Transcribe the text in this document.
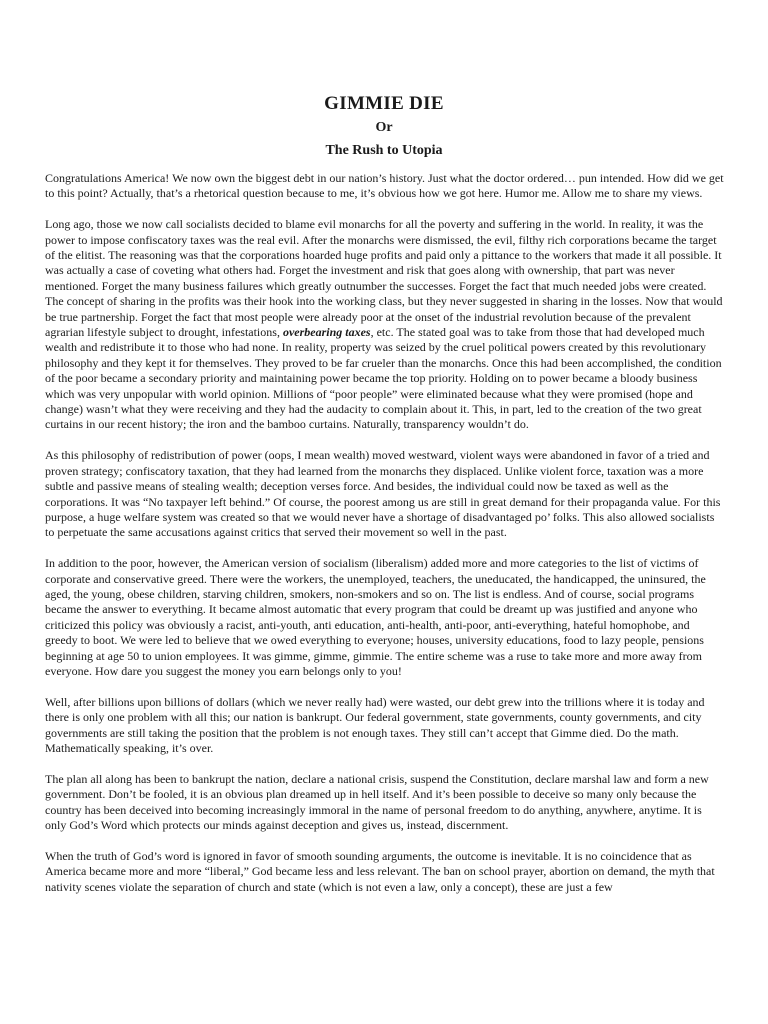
GIMMIE DIE
Or
The Rush to Utopia

Congratulations America! We now own the biggest debt in our nation’s history. Just what the doctor ordered… pun intended. How did we get to this point? Actually, that’s a rhetorical question because to me, it’s obvious how we got here. Humor me. Allow me to share my views.

Long ago, those we now call socialists decided to blame evil monarchs for all the poverty and suffering in the world. In reality, it was the power to impose confiscatory taxes was the real evil. After the monarchs were dismissed, the evil, filthy rich corporations became the target of the elitist. The reasoning was that the corporations hoarded huge profits and paid only a pittance to the workers that made it all possible. It was actually a case of coveting what others had. Forget the investment and risk that goes along with ownership, that part was never mentioned. Forget the many business failures which greatly outnumber the successes. Forget the fact that much needed jobs were created. The concept of sharing in the profits was their hook into the working class, but they never suggested in sharing in the losses. Now that would be true partnership. Forget the fact that most people were already poor at the onset of the industrial revolution because of the prevalent agrarian lifestyle subject to drought, infestations, overbearing taxes, etc. The stated goal was to take from those that had developed much wealth and redistribute it to those who had none. In reality, property was seized by the cruel political powers created by this revolutionary philosophy and they kept it for themselves. They proved to be far crueler than the monarchs. Once this had been accomplished, the condition of the poor became a secondary priority and maintaining power became the top priority. Holding on to power became a bloody business which was very unpopular with world opinion. Millions of “poor people” were eliminated because what they were promised (hope and change) wasn’t what they were receiving and they had the audacity to complain about it. This, in part, led to the creation of the two great curtains in our recent history; the iron and the bamboo curtains. Naturally, transparency wouldn’t do.

As this philosophy of redistribution of power (oops, I mean wealth) moved westward, violent ways were abandoned in favor of a tried and proven strategy; confiscatory taxation, that they had learned from the monarchs they displaced. Unlike violent force, taxation was a more subtle and passive means of stealing wealth; deception verses force. And besides, the individual could now be taxed as well as the corporations. It was “No taxpayer left behind.” Of course, the poorest among us are still in great demand for their propaganda value. For this purpose, a huge welfare system was created so that we would never have a shortage of disadvantaged po’ folks. This also allowed socialists to perpetuate the same accusations against critics that served their movement so well in the past.

In addition to the poor, however, the American version of socialism (liberalism) added more and more categories to the list of victims of corporate and conservative greed. There were the workers, the unemployed, teachers, the uneducated, the handicapped, the uninsured, the aged, the young, obese children, starving children, smokers, non-smokers and so on. The list is endless. And of course, social programs became the answer to everything. It became almost automatic that every program that could be dreamt up was justified and anyone who criticized this policy was obviously a racist, anti-youth, anti education, anti-health, anti-poor, anti-everything, hateful homophobe, and greedy to boot. We were led to believe that we owed everything to everyone; houses, university educations, food to lazy people, pensions beginning at age 50 to union employees. It was gimme, gimme, gimmie. The entire scheme was a ruse to take more and more away from everyone. How dare you suggest the money you earn belongs only to you!

Well, after billions upon billions of dollars (which we never really had) were wasted, our debt grew into the trillions where it is today and there is only one problem with all this; our nation is bankrupt. Our federal government, state governments, county governments, and city governments are still taking the position that the problem is not enough taxes. They still can’t accept that Gimme died. Do the math. Mathematically speaking, it’s over.

The plan all along has been to bankrupt the nation, declare a national crisis, suspend the Constitution, declare marshal law and form a new government. Don’t be fooled, it is an obvious plan dreamed up in hell itself. And it’s been possible to deceive so many only because the country has been deceived into becoming increasingly immoral in the name of personal freedom to do anything, anywhere, anytime. It is only God’s Word which protects our minds against deception and gives us, instead, discernment.

When the truth of God’s word is ignored in favor of smooth sounding arguments, the outcome is inevitable. It is no coincidence that as America became more and more “liberal,” God became less and less relevant. The ban on school prayer, abortion on demand, the myth that nativity scenes violate the separation of church and state (which is not even a law, only a concept), these are just a few
